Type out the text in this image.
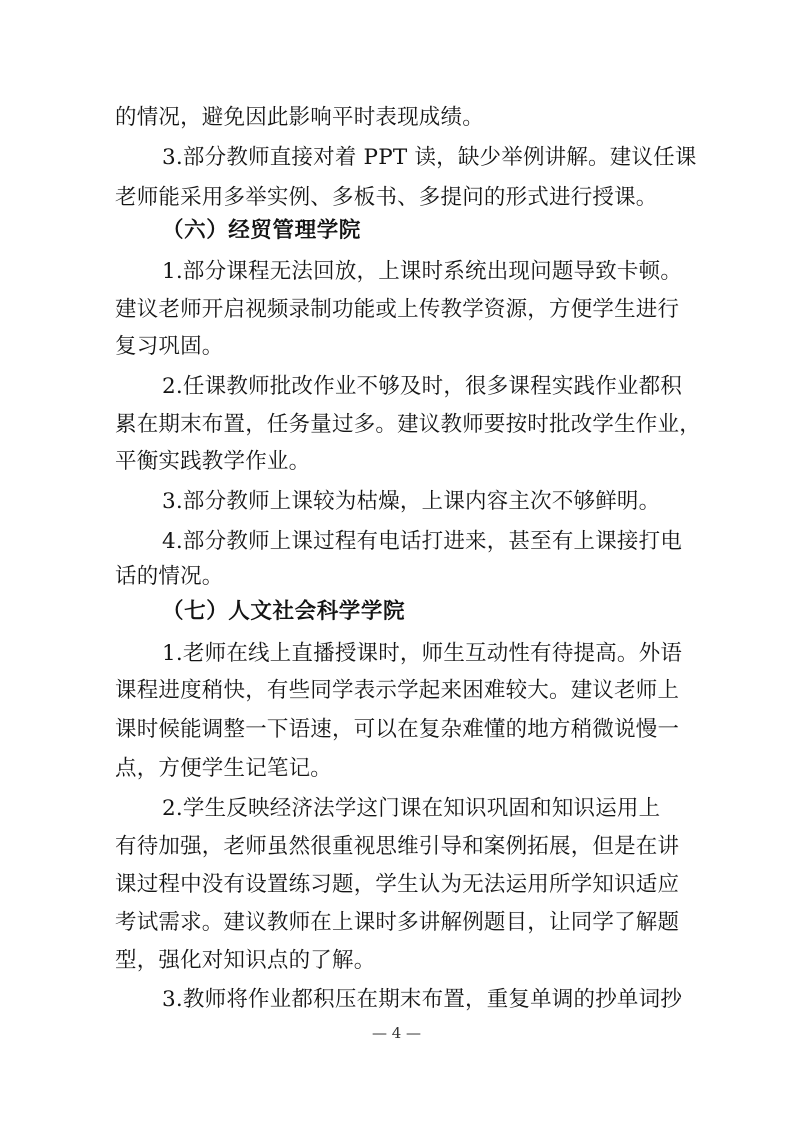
的情况，避免因此影响平时表现成绩。
3.部分教师直接对着 PPT 读，缺少举例讲解。建议任课
老师能采用多举实例、多板书、多提问的形式进行授课。
（六）经贸管理学院
1.部分课程无法回放，上课时系统出现问题导致卡顿。
建议老师开启视频录制功能或上传教学资源，方便学生进行
复习巩固。
2.任课教师批改作业不够及时，很多课程实践作业都积
累在期末布置，任务量过多。建议教师要按时批改学生作业，
平衡实践教学作业。
3.部分教师上课较为枯燥，上课内容主次不够鲜明。
4.部分教师上课过程有电话打进来，甚至有上课接打电
话的情况。
（七）人文社会科学学院
1.老师在线上直播授课时，师生互动性有待提高。外语
课程进度稍快，有些同学表示学起来困难较大。建议老师上
课时候能调整一下语速，可以在复杂难懂的地方稍微说慢一
点，方便学生记笔记。
2.学生反映经济法学这门课在知识巩固和知识运用上
有待加强，老师虽然很重视思维引导和案例拓展，但是在讲
课过程中没有设置练习题，学生认为无法运用所学知识适应
考试需求。建议教师在上课时多讲解例题目，让同学了解题
型，强化对知识点的了解。
3.教师将作业都积压在期末布置，重复单调的抄单词抄
— 4 —
